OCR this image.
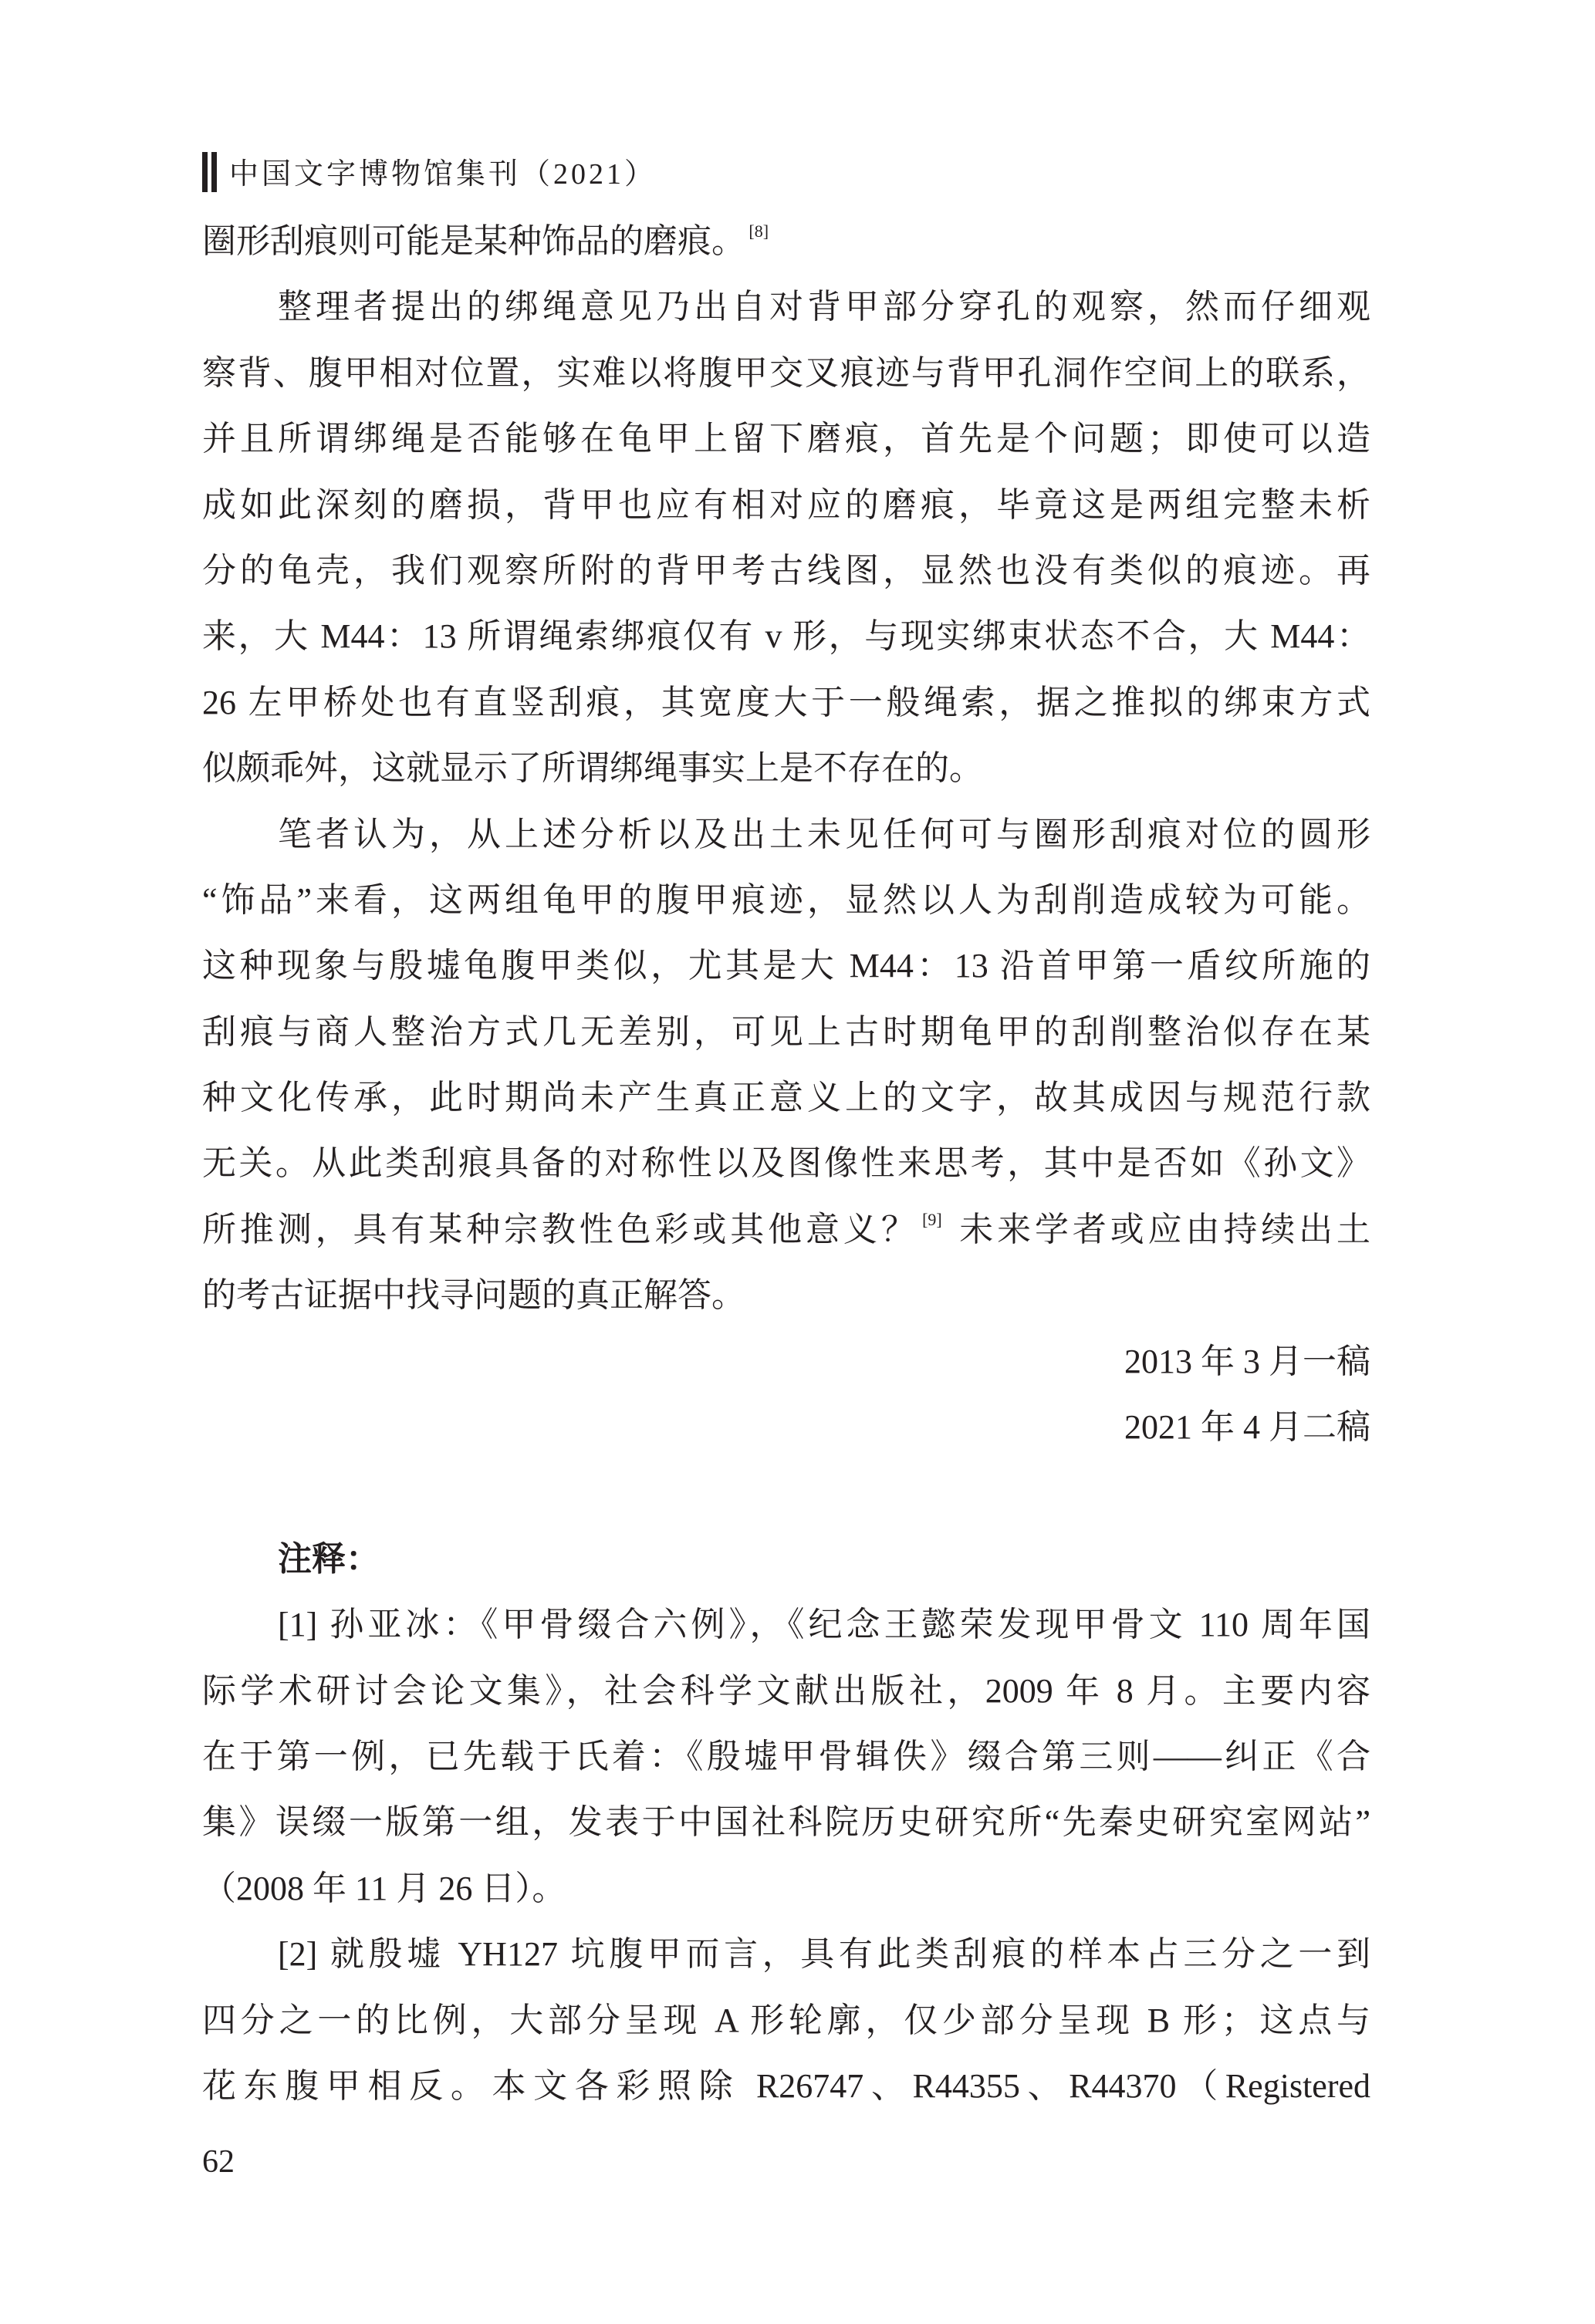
中国文字博物馆集刊（2021）
圈形刮痕则可能是某种饰品的磨痕。 [8]
整理者提出的绑绳意见乃出自对背甲部分穿孔的观察，然而仔细观
察背、腹甲相对位置，实难以将腹甲交叉痕迹与背甲孔洞作空间上的联系，
并且所谓绑绳是否能够在龟甲上留下磨痕，首先是个问题；即使可以造
成如此深刻的磨损，背甲也应有相对应的磨痕，毕竟这是两组完整未析
分的龟壳，我们观察所附的背甲考古线图，显然也没有类似的痕迹。再
来，大 M44：13 所谓绳索绑痕仅有 v 形，与现实绑束状态不合，大 M44：
26 左甲桥处也有直竖刮痕，其宽度大于一般绳索，据之推拟的绑束方式
似颇乖舛，这就显示了所谓绑绳事实上是不存在的。
笔者认为，从上述分析以及出土未见任何可与圈形刮痕对位的圆形
“饰品”来看，这两组龟甲的腹甲痕迹，显然以人为刮削造成较为可能。
这种现象与殷墟龟腹甲类似，尤其是大 M44：13 沿首甲第一盾纹所施的
刮痕与商人整治方式几无差别，可见上古时期龟甲的刮削整治似存在某
种文化传承，此时期尚未产生真正意义上的文字，故其成因与规范行款
无关。从此类刮痕具备的对称性以及图像性来思考，其中是否如《孙文》
所推测，具有某种宗教性色彩或其他意义？ [9] 未来学者或应由持续出土
的考古证据中找寻问题的真正解答。
2013 年 3 月一稿
2021 年 4 月二稿
注释：
[1] 孙亚冰：《甲骨缀合六例》，《纪念王懿荣发现甲骨文 110 周年国
际学术研讨会论文集》，社会科学文献出版社，2009 年 8 月。主要内容
在于第一例，已先载于氏着：《殷墟甲骨辑佚》缀合第三则——纠正《合
集》误缀一版第一组，发表于中国社科院历史研究所“先秦史研究室网站”
（2008 年 11 月 26 日）。
[2] 就殷墟 YH127 坑腹甲而言，具有此类刮痕的样本占三分之一到
四分之一的比例，大部分呈现 A 形轮廓，仅少部分呈现 B 形；这点与
花东腹甲相反。本文各彩照除 R26747、R44355、R44370（Registered
62
